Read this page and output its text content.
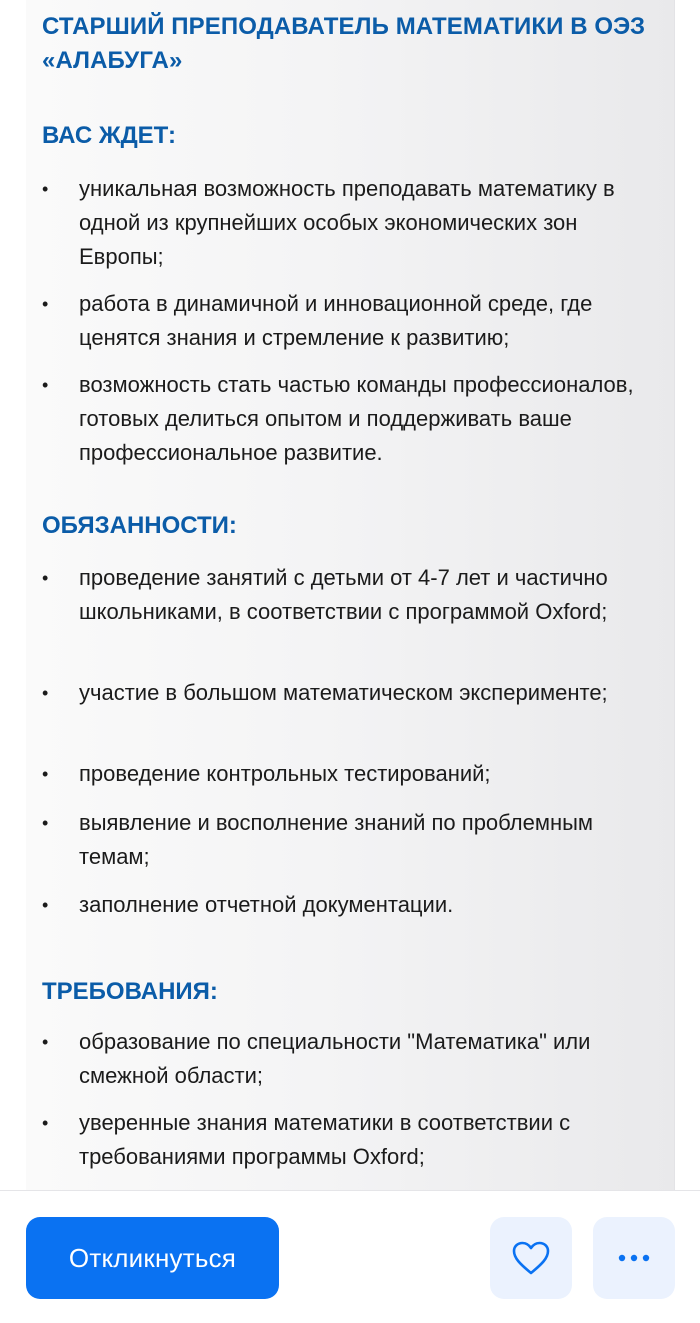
СТАРШИЙ ПРЕПОДАВАТЕЛЬ МАТЕМАТИКИ В ОЭЗ «АЛАБУГА»
ВАС ЖДЕТ:
•	уникальная возможность преподавать математику в одной из крупнейших особых экономических зон Европы;
•	работа в динамичной и инновационной среде, где ценятся знания и стремление к развитию;
•	возможность стать частью команды профессионалов, готовых делиться опытом и поддерживать ваше профессиональное развитие.
ОБЯЗАННОСТИ:
•	проведение занятий с детьми от 4-7 лет и частично школьниками, в соответствии с программой Oxford;
•	участие в большом математическом эксперименте;
•	проведение контрольных тестирований;
•	выявление и восполнение знаний по проблемным темам;
•	заполнение отчетной документации.
ТРЕБОВАНИЯ:
•	образование по специальности "Математика" или смежной области;
•	уверенные знания математики в соответствии с требованиями программы Oxford;
Откликнуться
